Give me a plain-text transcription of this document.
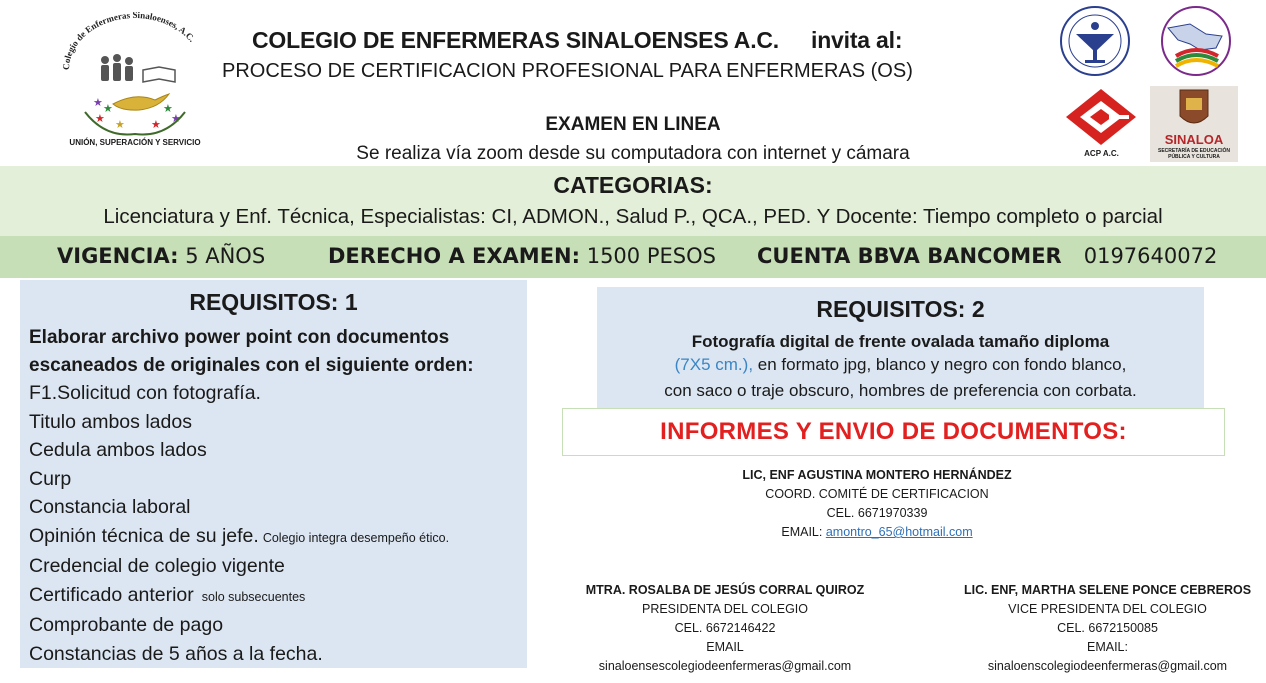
Colegio de Enfermeras Sinaloenses, A.C.
★ ★
★
★
★
★ ★
UNIÓN, SUPERACIÓN Y SERVICIO
COLEGIO DE ENFERMERAS SINALOENSES A.C. invita al:
PROCESO DE CERTIFICACION PROFESIONAL PARA ENFERMERAS (OS)
EXAMEN EN LINEA
Se realiza vía zoom desde su computadora con internet y cámara	ACP A.C.
SINALOA
SECRETARÍA DE EDUCACIÓN PÚBLICA Y CULTURA
CATEGORIAS:
Licenciatura y Enf. Técnica, Especialistas: CI, ADMON., Salud P., QCA., PED. Y Docente: Tiempo completo o parcial
VIGENCIA: 5 AÑOS	DERECHO A EXAMEN: 1500 PESOS CUENTA BBVA BANCOMER 0197640072
REQUISITOS: 1
Elaborar archivo power point con documentos escaneados de originales con el siguiente orden:
F1.Solicitud con fotografía.
Titulo ambos lados
Cedula ambos lados
Curp
Constancia laboral
Opinión técnica de su jefe. Colegio integra desempeño ético.
Credencial de colegio vigente
Certificado anterior solo subsecuentes
Comprobante de pago
Constancias de 5 años a la fecha.
REQUISITOS: 2
Fotografía digital de frente ovalada tamaño diploma
(7X5 cm.), en formato jpg, blanco y negro con fondo blanco,
con saco o traje obscuro, hombres de preferencia con corbata.
INFORMES Y ENVIO DE DOCUMENTOS:
LIC, ENF AGUSTINA MONTERO HERNÁNDEZ
COORD. COMITÉ DE CERTIFICACION
CEL. 6671970339
EMAIL: amontro_65@hotmail.com
MTRA. ROSALBA DE JESÚS CORRAL QUIROZ
PRESIDENTA DEL COLEGIO
CEL. 6672146422
EMAIL
sinaloensescolegiodeenfermeras@gmail.com
LIC. ENF, MARTHA SELENE PONCE CEBREROS
VICE PRESIDENTA DEL COLEGIO
CEL. 6672150085
EMAIL:
sinaloenscolegiodeenfermeras@gmail.com
